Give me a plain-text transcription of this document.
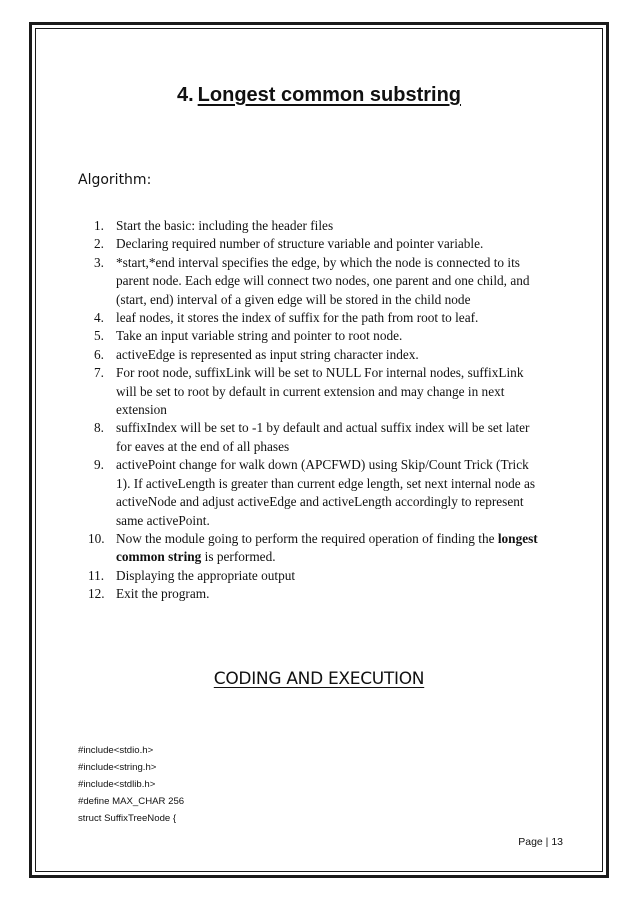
4. Longest common substring
Algorithm:
1. Start the basic: including the header files
2. Declaring required number of structure variable and pointer variable.
3. *start,*end interval specifies the edge, by which the node is connected to its
parent node. Each edge will connect two nodes, one parent and one child, and
(start, end) interval of a given edge will be stored in the child node
4. leaf nodes, it stores the index of suffix for the path from root to leaf.
5. Take an input variable string and pointer to root node.
6. activeEdge is represented as input string character index.
7. For root node, suffixLink will be set to NULL For internal nodes, suffixLink
will be set to root by default in current extension and may change in next
extension
8. suffixIndex will be set to -1 by default and actual suffix index will be set later
for eaves at the end of all phases
9. activePoint change for walk down (APCFWD) using Skip/Count Trick (Trick
1). If activeLength is greater than current edge length, set next internal node as
activeNode and adjust activeEdge and activeLength accordingly to represent
same activePoint.
10. Now the module going to perform the required operation of finding the longest
common string is performed.
11. Displaying the appropriate output
12. Exit the program.
CODING AND EXECUTION
#include<stdio.h>
#include<string.h>
#include<stdlib.h>
#define MAX_CHAR 256
struct SuffixTreeNode {
Page | 13
